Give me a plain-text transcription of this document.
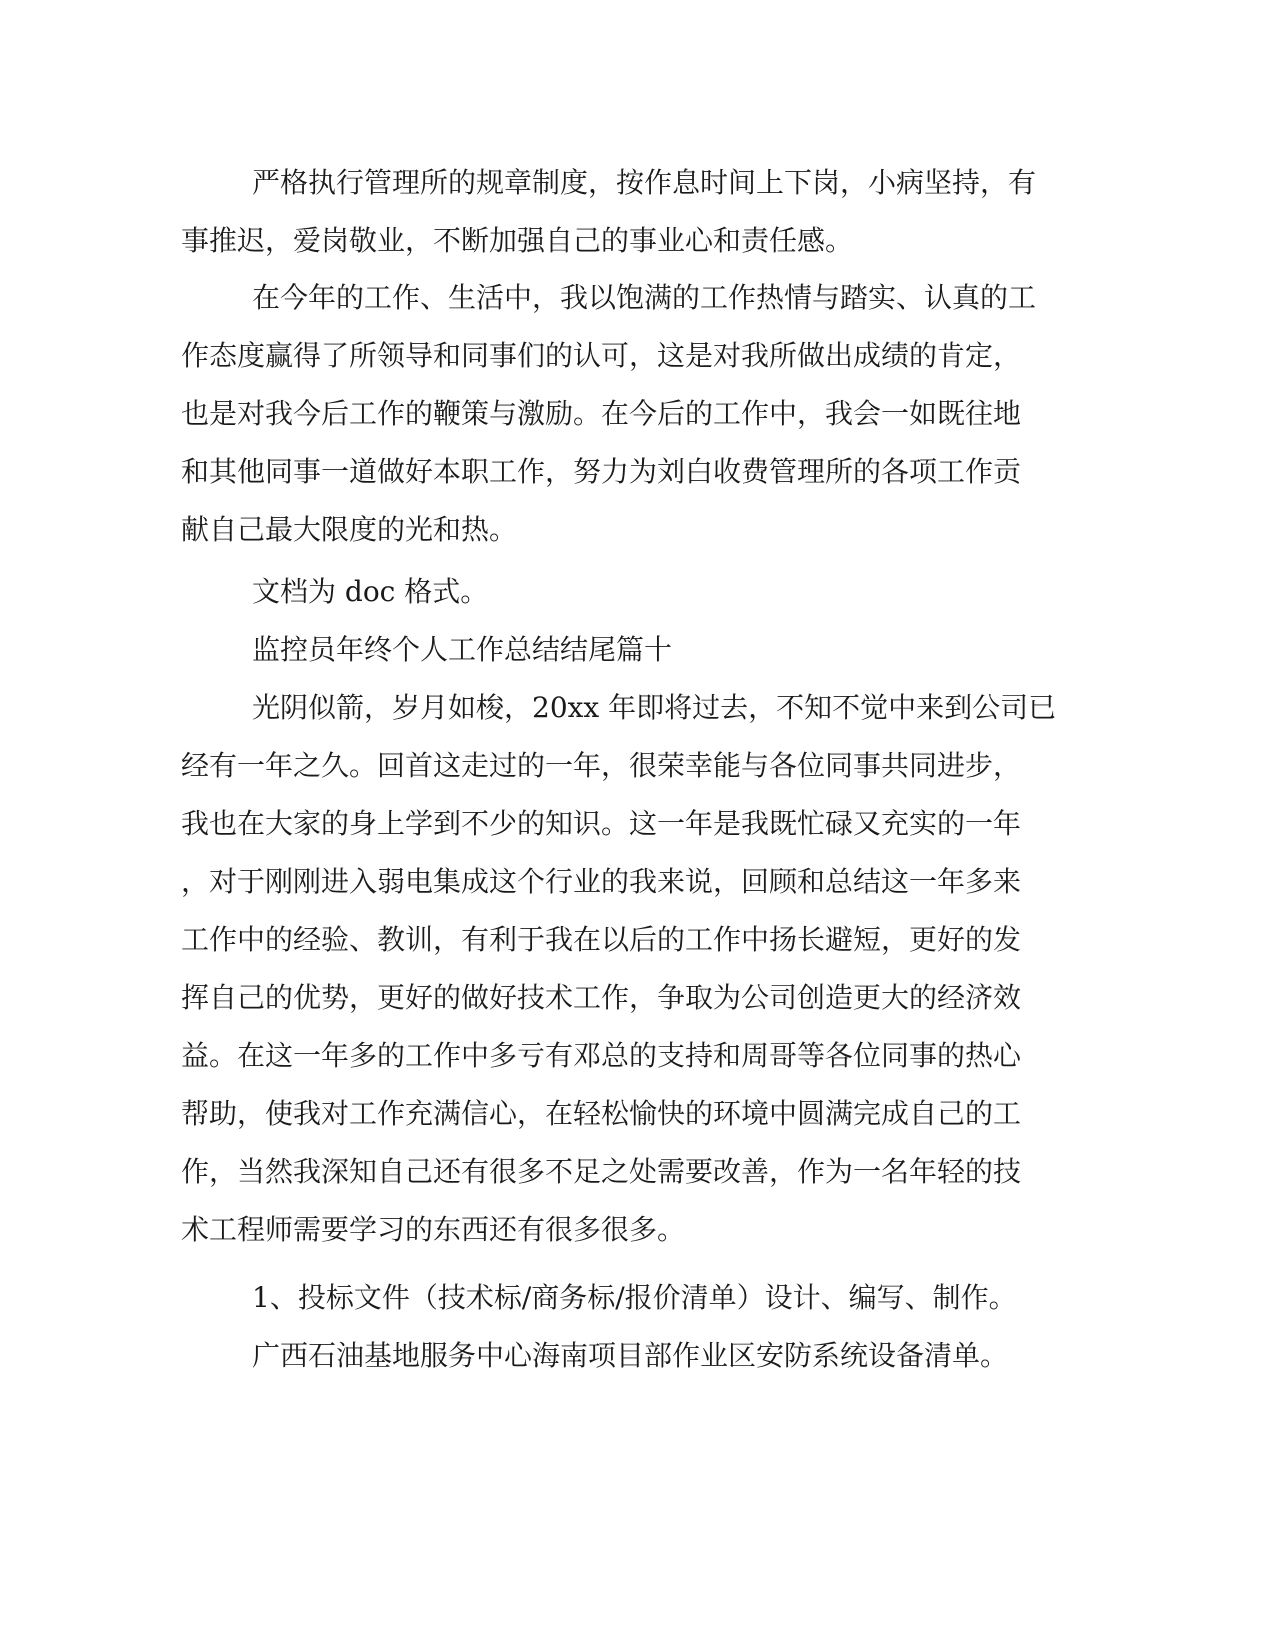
严格执行管理所的规章制度，按作息时间上下岗，小病坚持，有
事推迟，爱岗敬业，不断加强自己的事业心和责任感。
在今年的工作、生活中，我以饱满的工作热情与踏实、认真的工
作态度赢得了所领导和同事们的认可，这是对我所做出成绩的肯定，
也是对我今后工作的鞭策与激励。在今后的工作中，我会一如既往地
和其他同事一道做好本职工作，努力为刘白收费管理所的各项工作贡
献自己最大限度的光和热。
文档为 doc 格式。
监控员年终个人工作总结结尾篇十
光阴似箭，岁月如梭，20xx 年即将过去，不知不觉中来到公司已
经有一年之久。回首这走过的一年，很荣幸能与各位同事共同进步，
我也在大家的身上学到不少的知识。这一年是我既忙碌又充实的一年
，对于刚刚进入弱电集成这个行业的我来说，回顾和总结这一年多来
工作中的经验、教训，有利于我在以后的工作中扬长避短，更好的发
挥自己的优势，更好的做好技术工作，争取为公司创造更大的经济效
益。在这一年多的工作中多亏有邓总的支持和周哥等各位同事的热心
帮助，使我对工作充满信心，在轻松愉快的环境中圆满完成自己的工
作，当然我深知自己还有很多不足之处需要改善，作为一名年轻的技
术工程师需要学习的东西还有很多很多。
1、投标文件（技术标/商务标/报价清单）设计、编写、制作。
广西石油基地服务中心海南项目部作业区安防系统设备清单。
